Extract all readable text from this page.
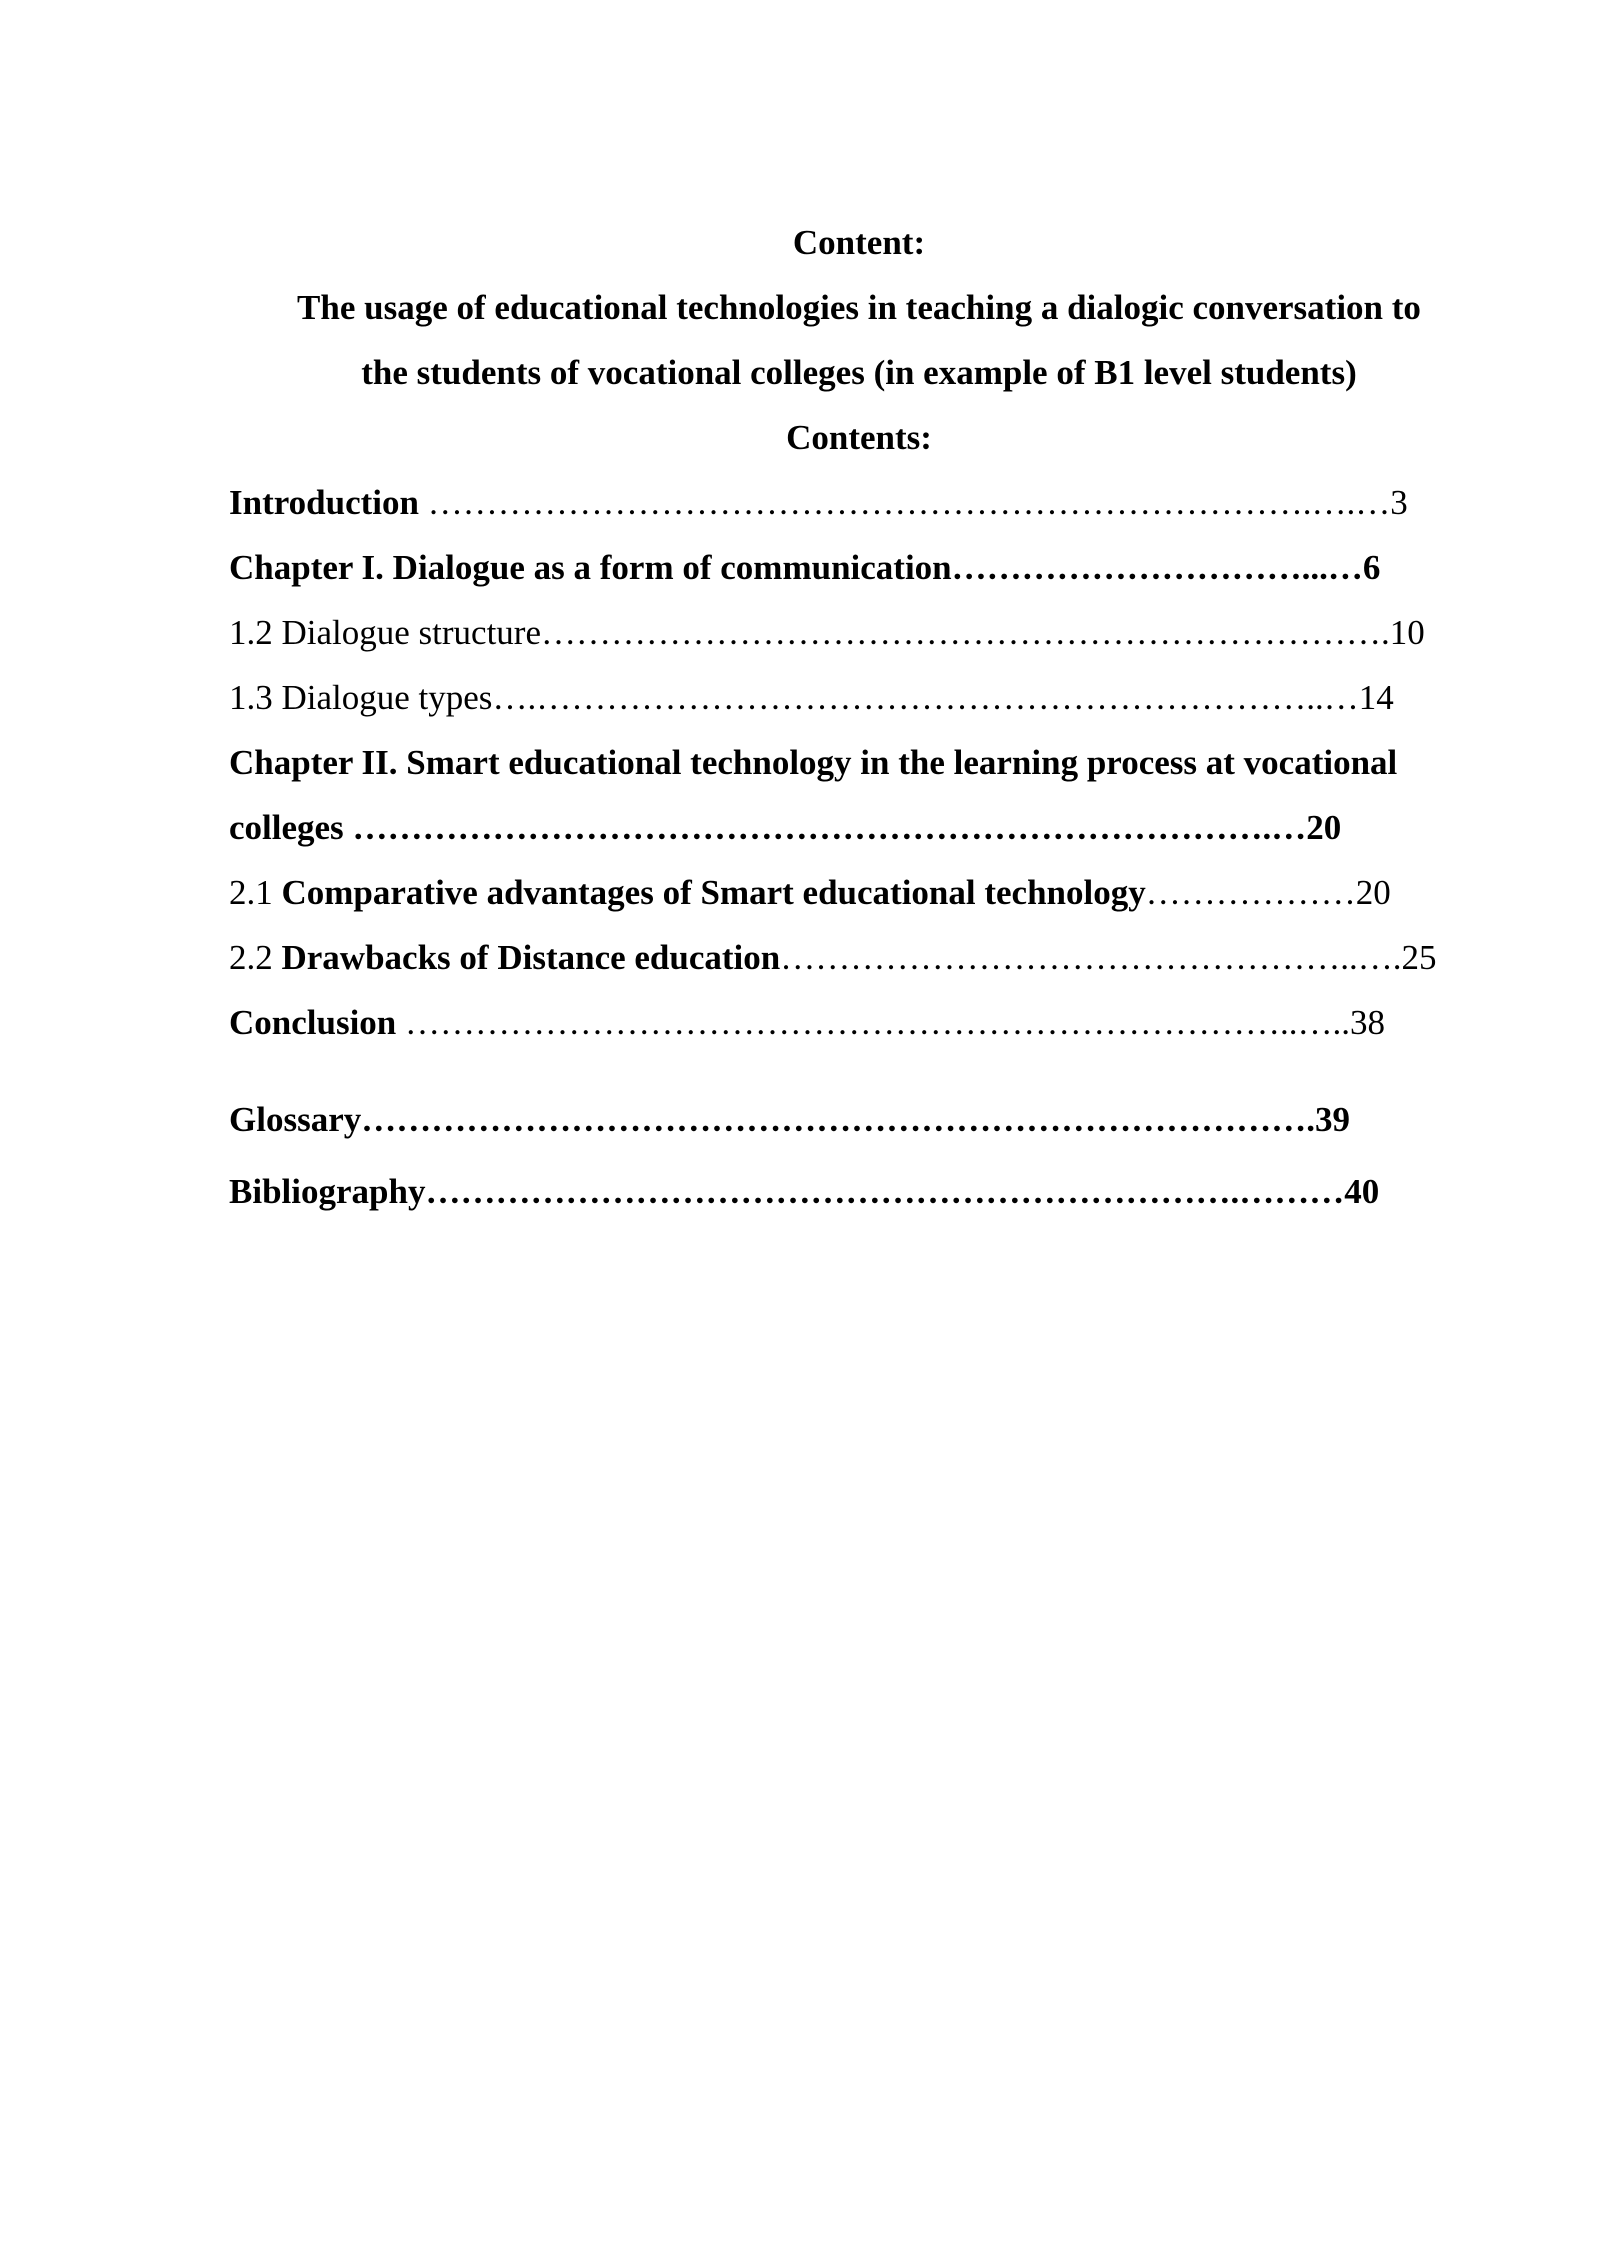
Content:
The usage of educational technologies in teaching a dialogic conversation to
the students of vocational colleges (in example of B1 level students)
Contents:
Introduction ………………………………………………………………….….…3
Chapter I. Dialogue as a form of communication…………………………...…6
1.2 Dialogue structure……………………………………………………………….10
1.3 Dialogue types….…………………………………………………………..…14
Chapter II. Smart educational technology in the learning process at vocational
colleges …………………………………………………………………….…20
2.1 Comparative advantages of Smart educational technology………………20
2.2 Drawbacks of Distance education…………………………………………..….25
Conclusion …………………………………………………………………..…..38
Glossary……………………………………………………………………….39
Bibliography…………………………………………………………….………40
